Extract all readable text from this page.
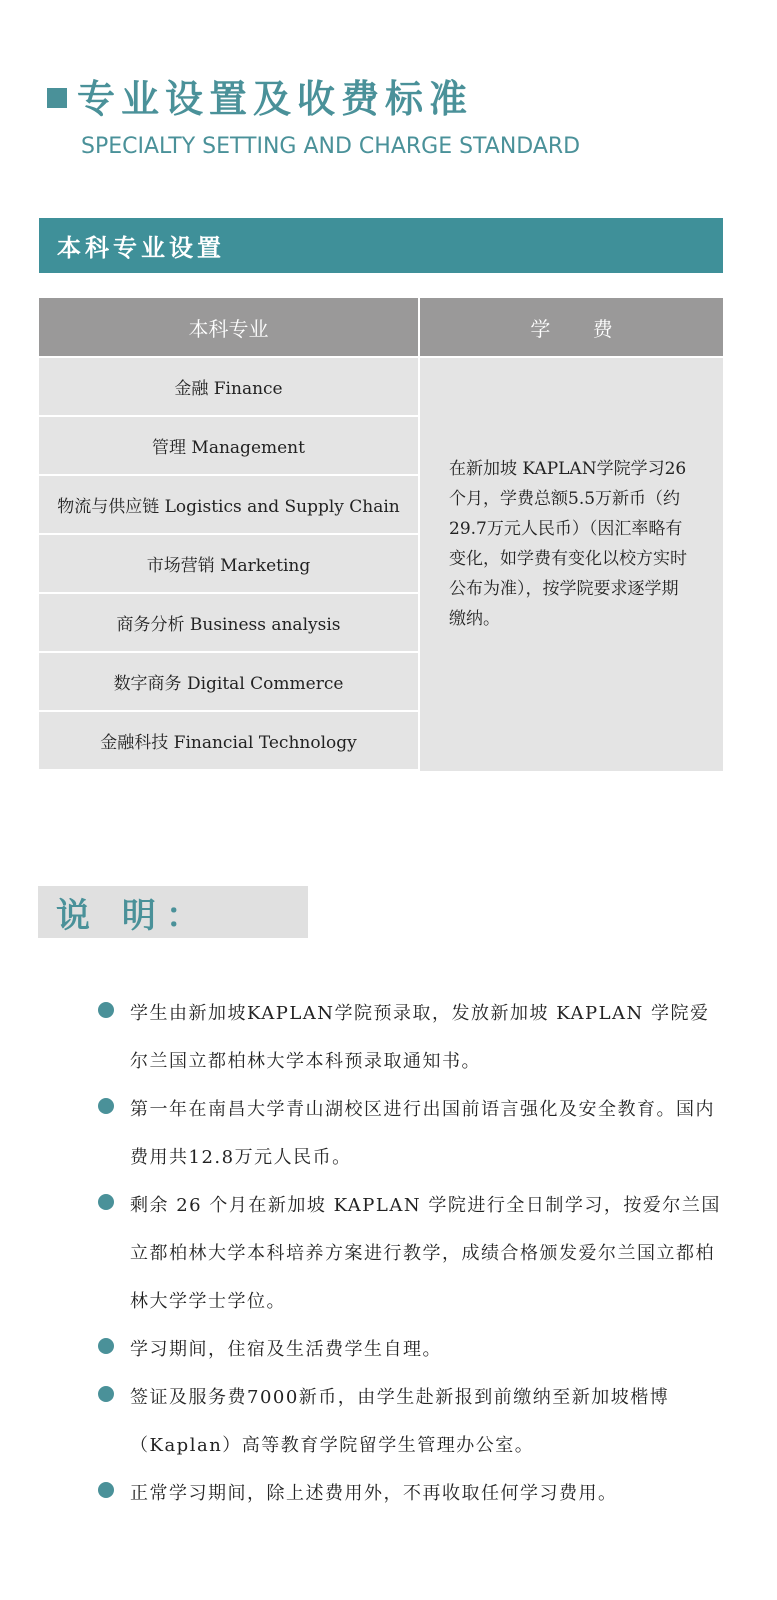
专业设置及收费标准
SPECIALTY SETTING AND CHARGE STANDARD
本科专业设置
本科专业	学 费
金融 Finance
管理 Management
物流与供应链 Logistics and Supply Chain
市场营销 Marketing
商务分析 Business analysis
数字商务 Digital Commerce
金融科技 Financial Technology
在新加坡 KAPLAN学院学习26个月，学费总额5.5万新币（约 29.7万元人民币）（因汇率略有变化，如学费有变化以校方实时公布为准），按学院要求逐学期缴纳。
说 明：
学生由新加坡KAPLAN学院预录取，发放新加坡 KAPLAN 学院爱尔兰国立都柏林大学本科预录取通知书。
第一年在南昌大学青山湖校区进行出国前语言强化及安全教育。国内费用共12.8万元人民币。
剩余 26 个月在新加坡 KAPLAN 学院进行全日制学习，按爱尔兰国立都柏林大学本科培养方案进行教学，成绩合格颁发爱尔兰国立都柏林大学学士学位。
学习期间，住宿及生活费学生自理。
签证及服务费7000新币，由学生赴新报到前缴纳至新加坡楷博（Kaplan）高等教育学院留学生管理办公室。
正常学习期间，除上述费用外，不再收取任何学习费用。
